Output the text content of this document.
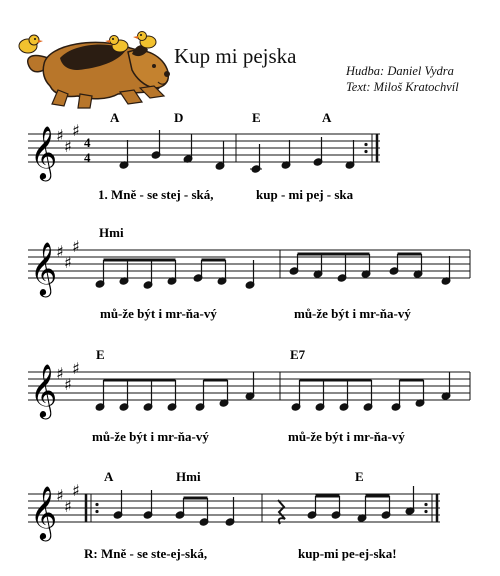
Kup mi pejska
Hudba: Daniel Vydra
Text: Miloš Kratochvíl
A	D	E	A
𝄞
♯
♯
♯
4
4
1. Mně - se stej - ská,	kup - mi pej - ska
Hmi
𝄞
♯
♯
♯
mů-že být i mr-ňa-vý	mů-že být i mr-ňa-vý
E	E7
𝄞
♯
♯
♯
mů-že být i mr-ňa-vý	mů-že být i mr-ňa-vý
A	Hmi	E
𝄞
♯
♯
♯
R: Mně - se ste-ej-ská,	kup-mi pe-ej-ska!
